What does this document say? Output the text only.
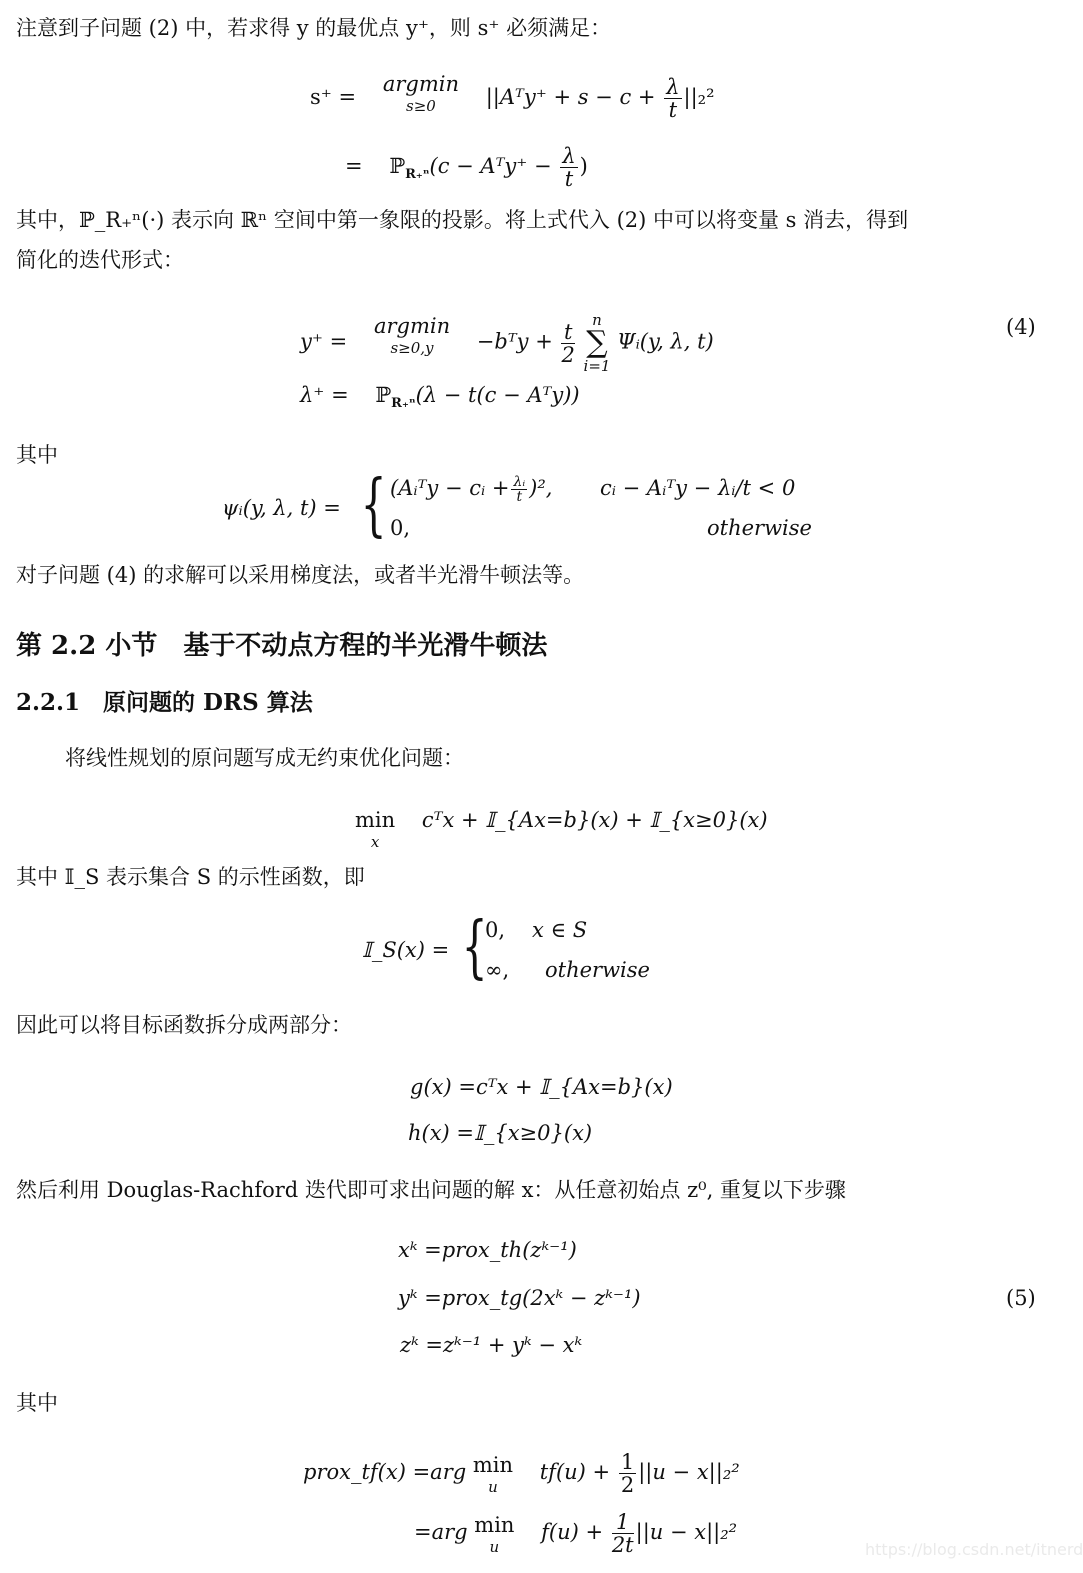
注意到子问题 (2) 中，若求得 y 的最优点 y⁺，则 s⁺ 必须满足：
s⁺ =    argmin
s≥0	||Aᵀy⁺ + $s - c + \frac{\lambda}{t} ||_2^2$
= ℙ$_{R_+^n}$(c − Aᵀy⁺ − $\frac{\lambda}{t}$ )
其中，ℙ_R₊ⁿ(·) 表示向 ℝⁿ 空间中第一象限的投影。将上式代入 (2) 中可以将变量 s 消去，得到
简化的迭代形式：
y⁺ =    argmin
s≥0,y	−bᵀy + $\frac{t}{2}$

n
∑
i=1
Ψᵢ(y, λ, t)
(4)
λ⁺ = ℙ$_{R_+^n}$(λ − t(c − Aᵀy))
其中
ψᵢ(y, λ, t) = { (Aᵢᵀy − cᵢ + $\frac{\text{λᵢ}}{t} )^2$, cᵢ − Aᵢᵀy − λᵢ/t < 0
0,	otherwise
对子问题 (4) 的求解可以采用梯度法，或者半光滑牛顿法等。
第 2.2 小节　基于不动点方程的半光滑牛顿法
2.2.1　原问题的 DRS 算法
将线性规划的原问题写成无约束优化问题：
min
x
cᵀx + 𝕀_{Ax=b}(x) + 𝕀_{x≥0}(x)
其中 𝕀_S 表示集合 S 的示性函数，即
𝕀_S(x) = {
0, x ∈ S
∞, otherwise
因此可以将目标函数拆分成两部分：
g(x) =cᵀx + 𝕀_{Ax=b}(x)
h(x) =𝕀_{x≥0}(x)
然后利用 Douglas-Rachford 迭代即可求出问题的解 x：从任意初始点 z⁰, 重复以下步骤
xᵏ =prox_th(zᵏ⁻¹)
yᵏ =prox_tg(2xᵏ − zᵏ⁻¹)	(5)
zᵏ =zᵏ⁻¹ + yᵏ − xᵏ
其中
prox_tf(x) =arg min
u
$tf(u) + \frac{1}{2} ||u - x||_2^2$
=arg min
u
$f(u) + \frac{1}{2t} ||u - x||_2^2$
https://blog.csdn.net/itnerd
